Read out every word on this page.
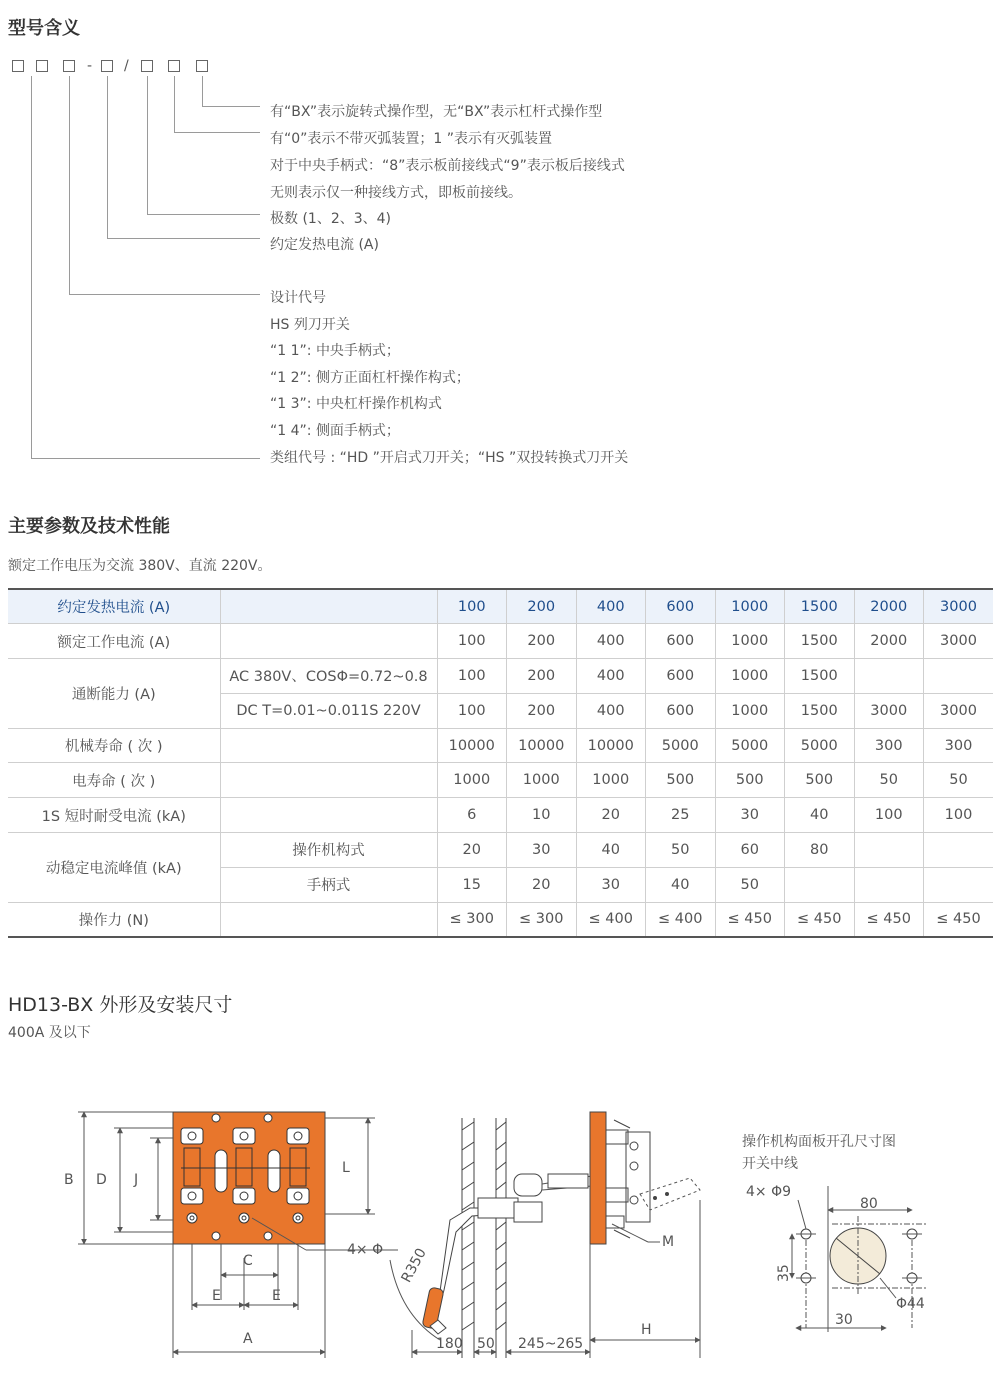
型号含义
- /
有“BX”表示旋转式操作型，无“BX”表示杠杆式操作型
有“0”表示不带灭弧装置；1 ”表示有灭弧装置
对于中央手柄式：“8”表示板前接线式“9”表示板后接线式
无则表示仅一种接线方式，即板前接线。
极数 (1、2、3、4)
约定发热电流 (A)
设计代号
HS 列刀开关
“1 1”: 中央手柄式；
“1 2”: 侧方正面杠杆操作构式；
“1 3”: 中央杠杆操作机构式
“1 4”: 侧面手柄式；
类组代号 : “HD ”开启式刀开关；“HS ”双投转换式刀开关
主要参数及技术性能
额定工作电压为交流 380V、直流 220V。
约定发热电流 (A)		100	200	400	600	1000	1500	2000	3000
额定工作电流 (A)		100	200	400	600	1000	1500	2000	3000
通断能力 (A)	AC 380V、COSΦ=0.72~0.8	100	200	400	600	1000	1500		
	DC T=0.01~0.011S 220V	100	200	400	600	1000	1500	3000	3000
机械寿命 ( 次 )		10000	10000	10000	5000	5000	5000	300	300
电寿命 ( 次 )		1000	1000	1000	500	500	500	50	50
1S 短时耐受电流 (kA)		6	10	20	25	30	40	100	100
动稳定电流峰值 (kA)	操作机构式	20	30	40	50	60	80		
	手柄式	15	20	30	40	50			
操作力 (N)		≤ 300	≤ 300	≤ 400	≤ 400	≤ 450	≤ 450	≤ 450	≤ 450
HD13-BX 外形及安装尺寸
400A 及以下
B D J
L
C
E	E
A
4× Φ R350
180 50 245~265
H
M
操作机构面板开孔尺寸图
开关中线
4× Φ9
80
35
30
Φ44
